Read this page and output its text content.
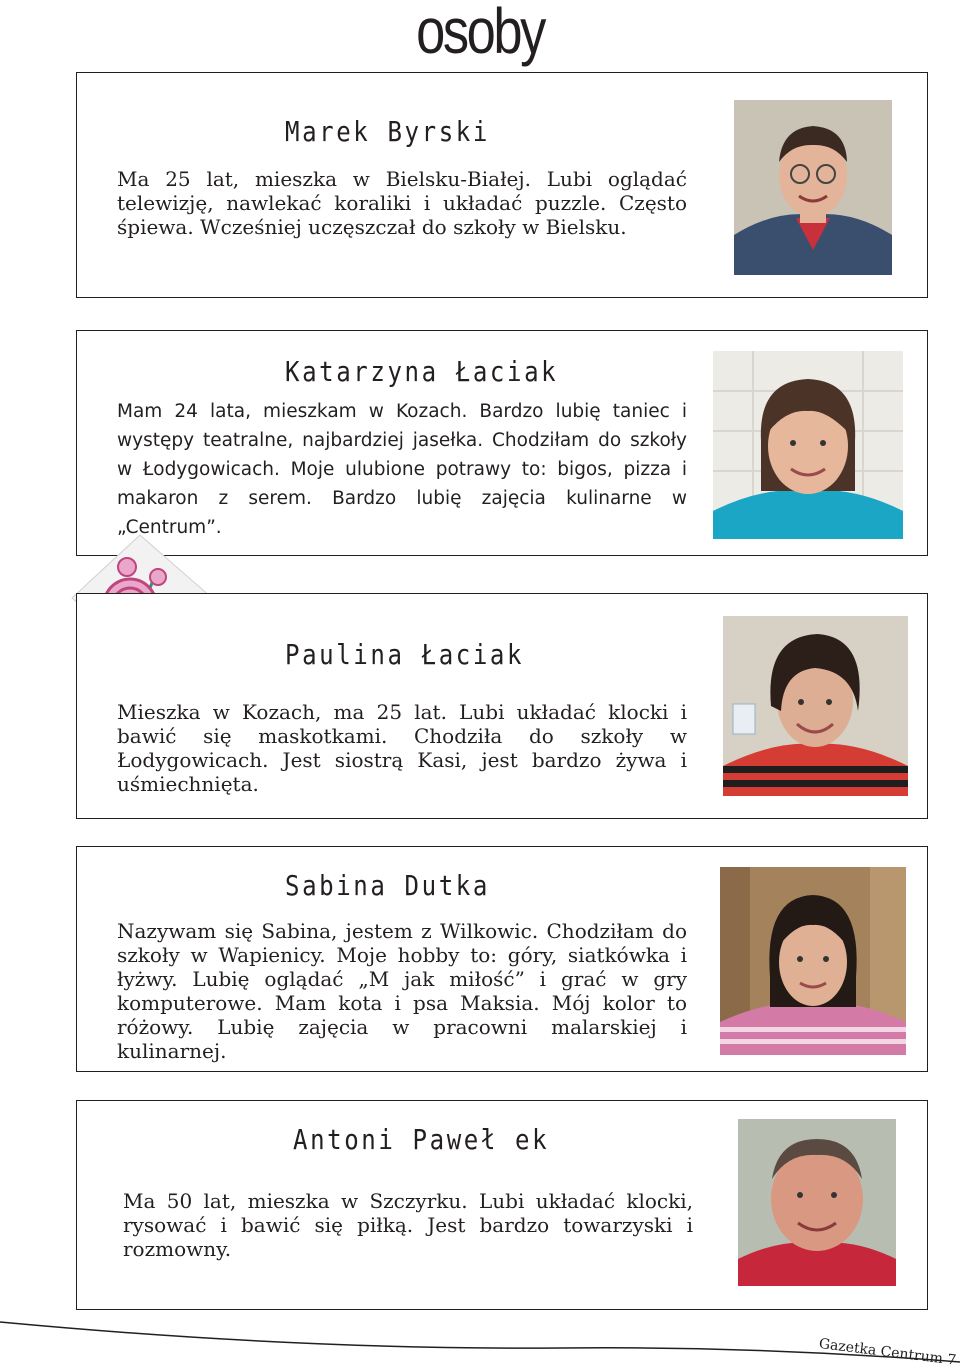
osoby
Marek Byrski
Ma 25 lat, mieszka w Bielsku-Białej. Lubi oglądać telewizję, nawlekać koraliki i układać puzzle. Często śpiewa. Wcześniej uczęszczał do szkoły w Bielsku.
Katarzyna Łaciak
Mam 24 lata, mieszkam w Kozach. Bardzo lubię taniec i występy teatralne, najbardziej jasełka. Chodziłam do szkoły w Łodygowicach. Moje ulubione potrawy to: bigos, pizza i makaron z serem. Bardzo lubię zajęcia kulinarne w „Centrum”.
Paulina Łaciak
Mieszka w Kozach, ma 25 lat. Lubi układać klocki i bawić się maskotkami. Chodziła do szkoły w Łodygowicach. Jest siostrą Kasi, jest bardzo żywa i uśmiechnięta.
Sabina Dutka
Nazywam się Sabina, jestem z Wilkowic. Chodziłam do szkoły w Wapienicy. Moje hobby to: góry, siatkówka i łyżwy. Lubię oglądać „M jak miłość” i grać w gry komputerowe. Mam kota i psa Maksia. Mój kolor to różowy. Lubię zajęcia w pracowni malarskiej i kulinarnej.
Antoni Paweł ek
Ma 50 lat, mieszka w Szczyrku. Lubi układać klocki, rysować i bawić się piłką. Jest bardzo towarzyski i rozmowny.
Gazetka Centrum 7
